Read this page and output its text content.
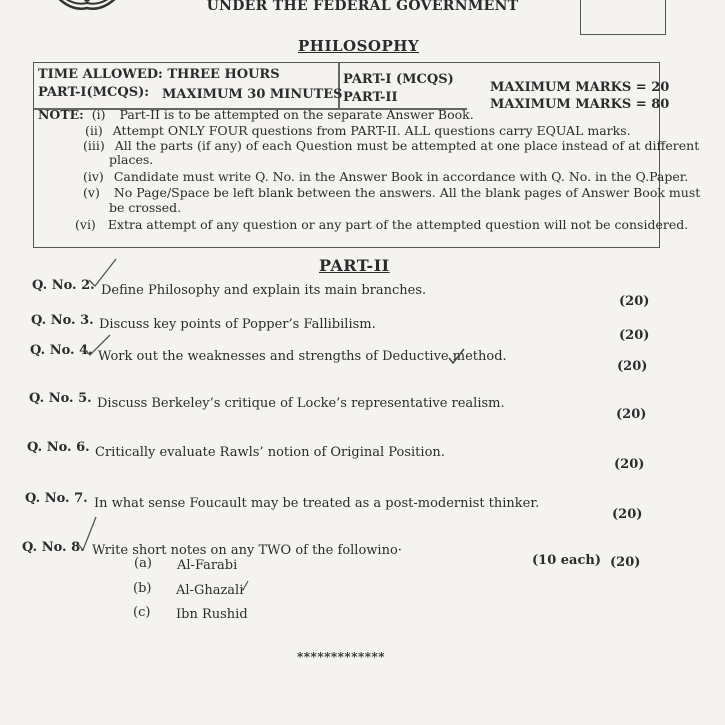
UNDER THE FEDERAL GOVERNMENT
PHILOSOPHY
TIME ALLOWED: THREE HOURS
PART-I(MCQS): MAXIMUM 30 MINUTES
PART-I (MCQS)
PART-II
MAXIMUM MARKS = 20
MAXIMUM MARKS = 80
NOTE: (i) Part-II is to be attempted on the separate Answer Book.
(ii) Attempt ONLY FOUR questions from PART-II. ALL questions carry EQUAL marks.
(iii) All the parts (if any) of each Question must be attempted at one place instead of at different
places.
(iv) Candidate must write Q. No. in the Answer Book in accordance with Q. No. in the Q.Paper.
(v) No Page/Space be left blank between the answers. All the blank pages of Answer Book must
be crossed.
(vi) Extra attempt of any question or any part of the attempted question will not be considered.
PART-II
Q. No. 2. Define Philosophy and explain its main branches.
(20)
Q. No. 3. Discuss key points of Popper’s Fallibilism.
(20)
Q. No. 4. Work out the weaknesses and strengths of Deductive method.
(20)
Q. No. 5. Discuss Berkeley’s critique of Locke’s representative realism.
(20)
Q. No. 6. Critically evaluate Rawls’ notion of Original Position.
(20)
Q. No. 7. In what sense Foucault may be treated as a post-modernist thinker.
(20)
Q. No. 8. Write short notes on any TWO of the followino·
(10 each) (20)
(a) Al-Farabi
(b) Al-Ghazali
(c) Ibn Rushid
*************
